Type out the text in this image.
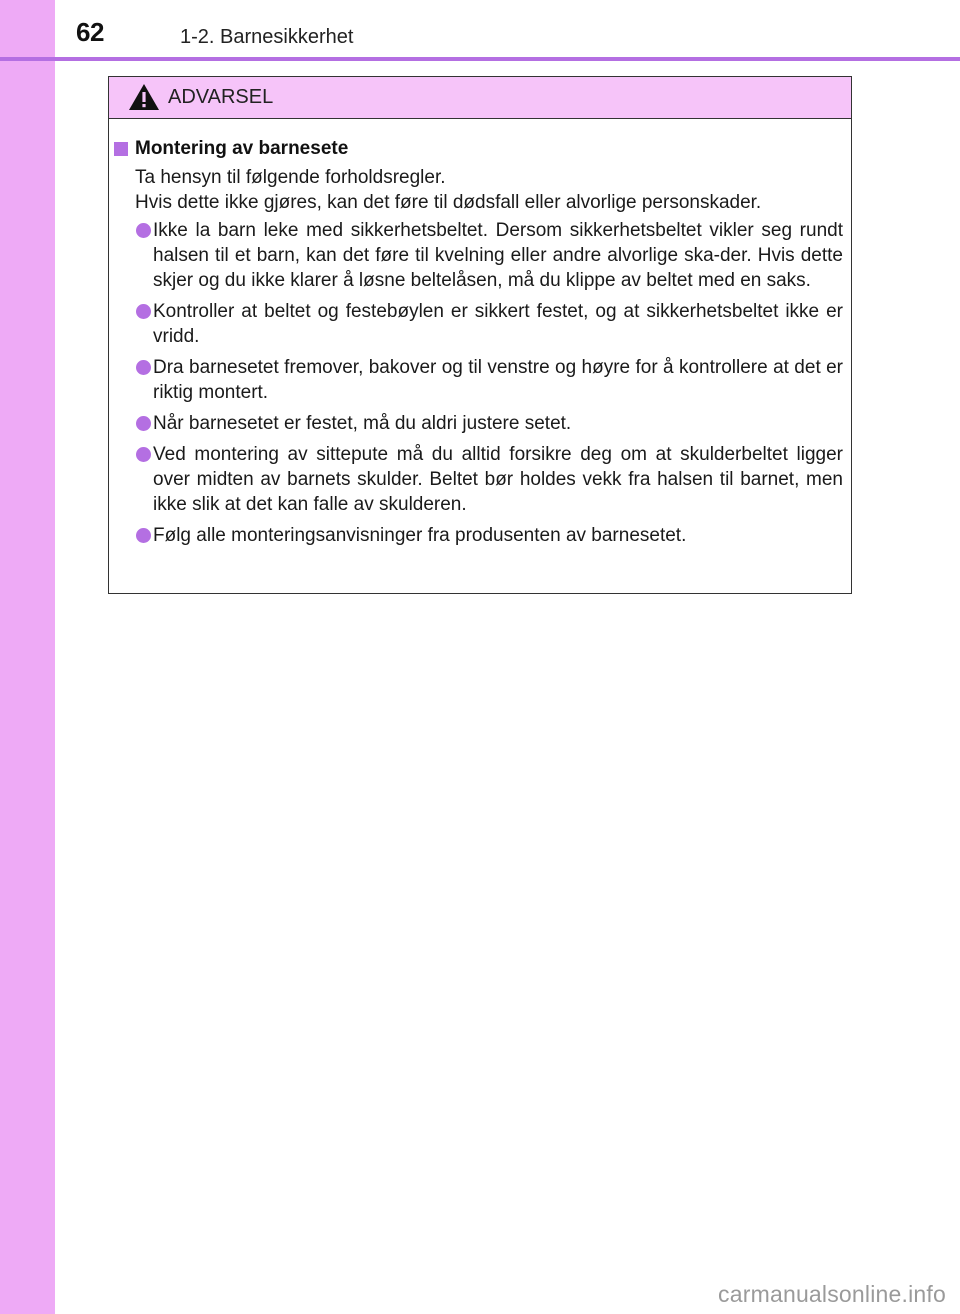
62	1-2. Barnesikkerhet
ADVARSEL
Montering av barnesete

Ta hensyn til følgende forholdsregler.

Hvis dette ikke gjøres, kan det føre til dødsfall eller alvorlige personskader.

Ikke la barn leke med sikkerhetsbeltet. Dersom sikkerhetsbeltet vikler seg rundt halsen til et barn, kan det føre til kvelning eller andre alvorlige ska-der. Hvis dette skjer og du ikke klarer å løsne beltelåsen, må du klippe av beltet med en saks.
Kontroller at beltet og festebøylen er sikkert festet, og at sikkerhetsbeltet ikke er vridd.
Dra barnesetet fremover, bakover og til venstre og høyre for å kontrollere at det er riktig montert.
Når barnesetet er festet, må du aldri justere setet.
Ved montering av sittepute må du alltid forsikre deg om at skulderbeltet ligger over midten av barnets skulder. Beltet bør holdes vekk fra halsen til barnet, men ikke slik at det kan falle av skulderen.
Følg alle monteringsanvisninger fra produsenten av barnesetet.
carmanualsonline.info
